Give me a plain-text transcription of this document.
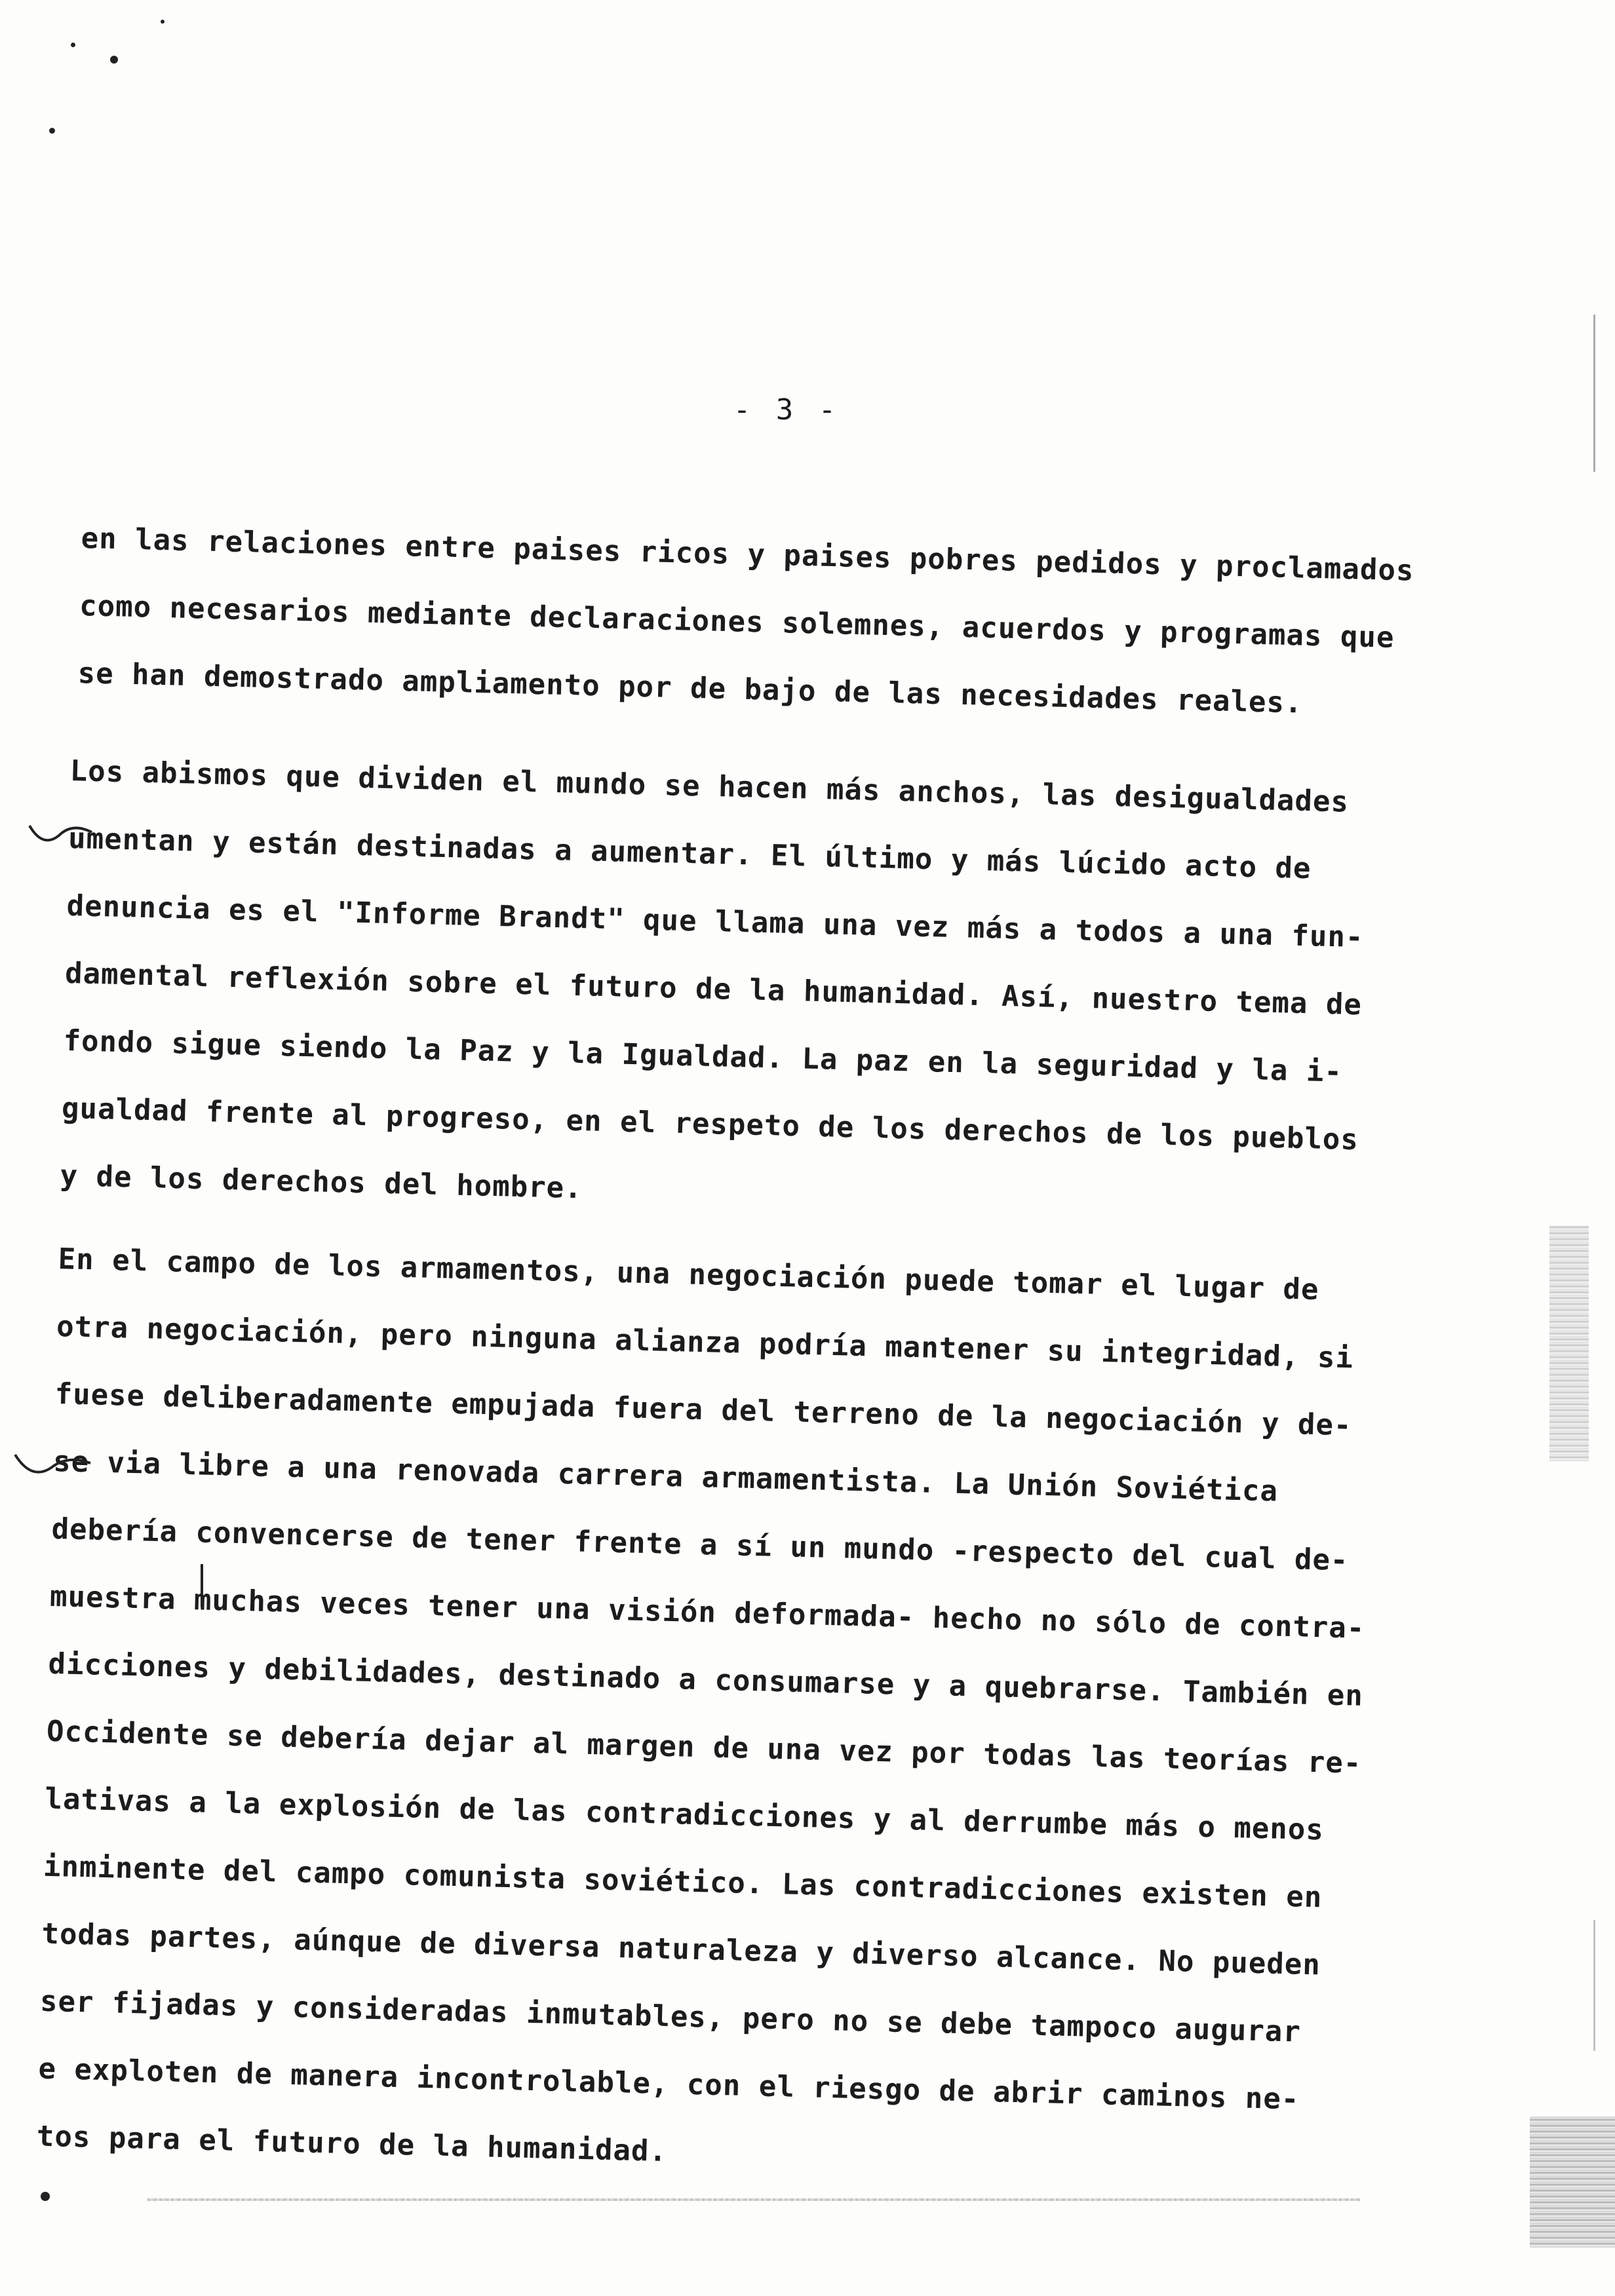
- 3 -
en las relaciones entre paises ricos y paises pobres pedidos y proclamados
como necesarios mediante declaraciones solemnes, acuerdos y programas que
se han demostrado ampliamento por de bajo de las necesidades reales.
Los abismos que dividen el mundo se hacen más anchos, las desigualdades
umentan y están destinadas a aumentar. El último y más lúcido acto de
denuncia es el "Informe Brandt" que llama una vez más a todos a una fun-
damental reflexión sobre el futuro de la humanidad. Así, nuestro tema de
fondo sigue siendo la Paz y la Igualdad. La paz en la seguridad y la i-
gualdad frente al progreso, en el respeto de los derechos de los pueblos
y de los derechos del hombre.
En el campo de los armamentos, una negociación puede tomar el lugar de
otra negociación, pero ninguna alianza podría mantener su integridad, si
fuese deliberadamente empujada fuera del terreno de la negociación y de-
se via libre a una renovada carrera armamentista. La Unión Soviética
debería convencerse de tener frente a sí un mundo -respecto del cual de-
muestra muchas veces tener una visión deformada- hecho no sólo de contra-
dicciones y debilidades, destinado a consumarse y a quebrarse. También en
Occidente se debería dejar al margen de una vez por todas las teorías re-
lativas a la explosión de las contradicciones y al derrumbe más o menos
inminente del campo comunista soviético. Las contradicciones existen en
todas partes, aúnque de diversa naturaleza y diverso alcance. No pueden
ser fijadas y consideradas inmutables, pero no se debe tampoco augurar
e exploten de manera incontrolable, con el riesgo de abrir caminos ne-
tos para el futuro de la humanidad.
